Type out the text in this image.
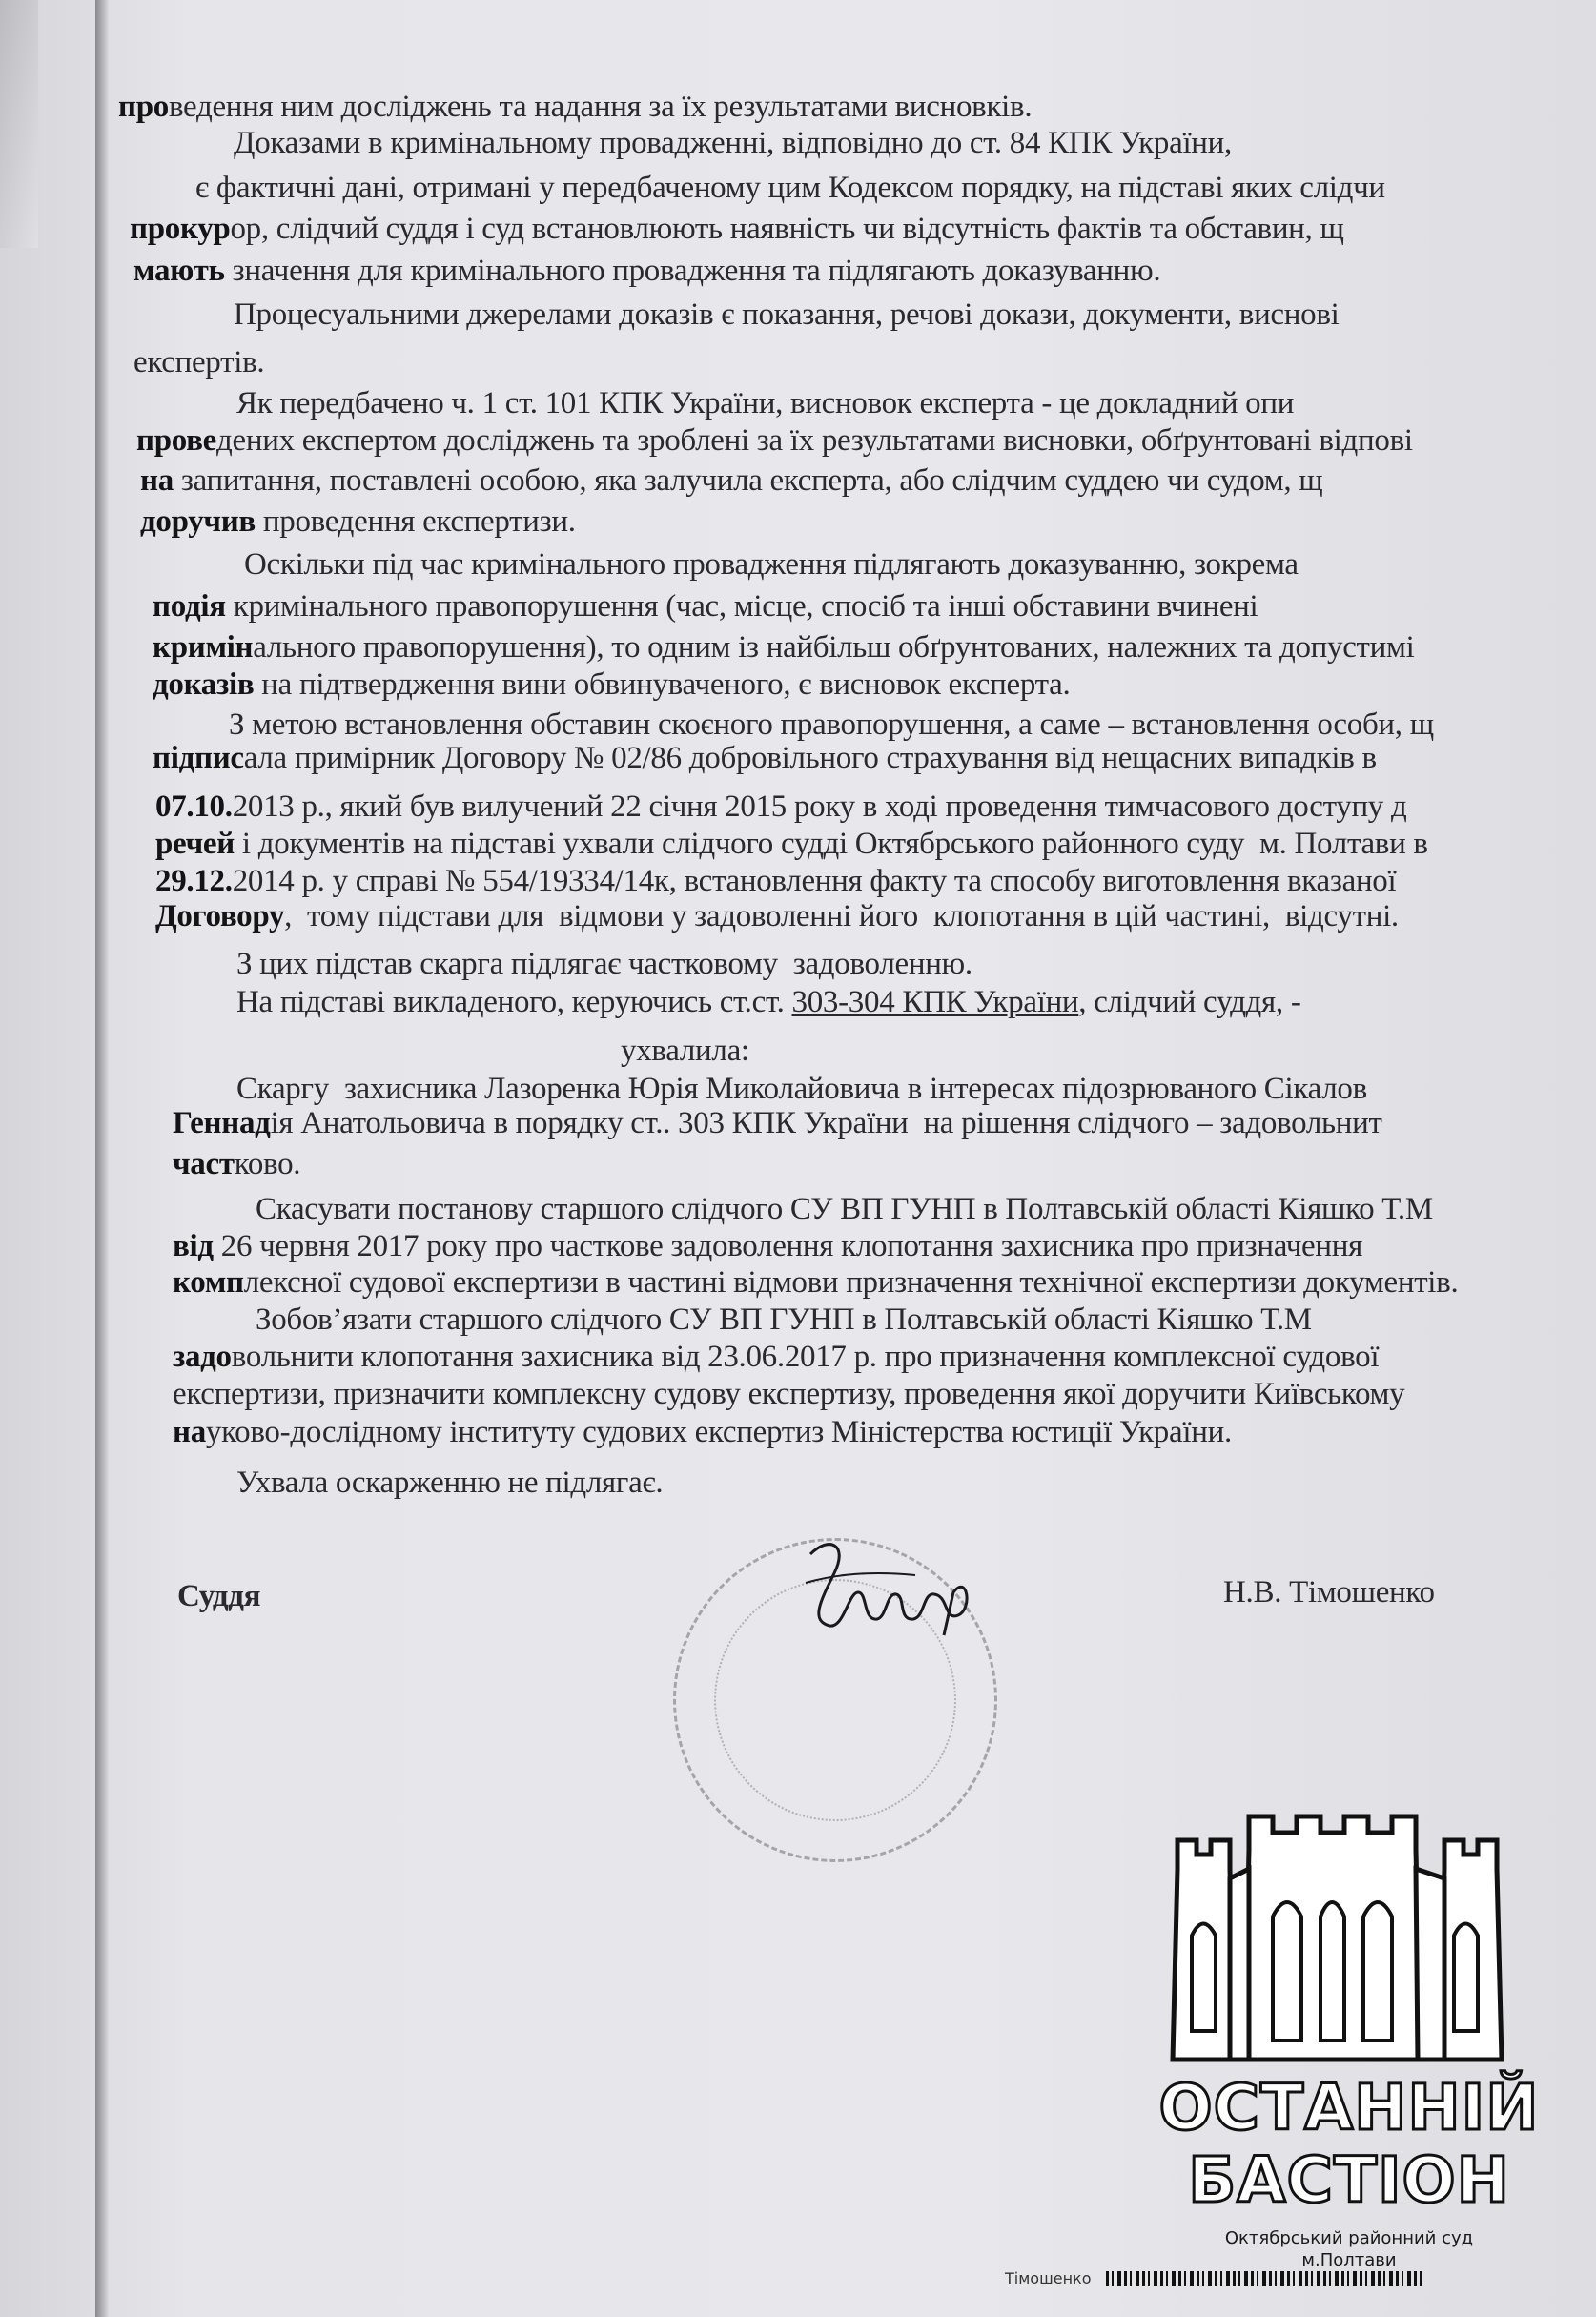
Суддя	Н.В. Тімошенко
проведення ним досліджень та надання за їх результатами висновків.
Доказами в кримінальному провадженні, відповідно до ст. 84 КПК України,
є фактичні дані, отримані у передбаченому цим Кодексом порядку, на підставі яких слідчи
прокурор, слідчий суддя і суд встановлюють наявність чи відсутність фактів та обставин, щ
мають значення для кримінального провадження та підлягають доказуванню.
Процесуальними джерелами доказів є показання, речові докази, документи, виснові
експертів.
Як передбачено ч. 1 ст. 101 КПК України, висновок експерта - це докладний опи
проведених експертом досліджень та зроблені за їх результатами висновки, обґрунтовані відпові
на запитання, поставлені особою, яка залучила експерта, або слідчим суддею чи судом, щ
доручив проведення експертизи.
Оскільки під час кримінального провадження підлягають доказуванню, зокрема
подія кримінального правопорушення (час, місце, спосіб та інші обставини вчинені
кримінального правопорушення), то одним із найбільш обґрунтованих, належних та допустимі
доказів на підтвердження вини обвинуваченого, є висновок експерта.
З метою встановлення обставин скоєного правопорушення, а саме – встановлення особи, щ
підписала примірник Договору № 02/86 добровільного страхування від нещасних випадків в
07.10.2013 р., який був вилучений 22 січня 2015 року в ході проведення тимчасового доступу д
речей і документів на підставі ухвали слідчого судді Октябрського районного суду  м. Полтави в
29.12.2014 р. у справі № 554/19334/14к, встановлення факту та способу виготовлення вказаної
Договору,  тому підстави для  відмови у задоволенні його  клопотання в цій частині,  відсутні.
З цих підстав скарга підлягає частковому  задоволенню.
На підставі викладеного, керуючись ст.ст. 303-304 КПК України, слідчий суддя, -
ухвалила:
Скаргу  захисника Лазоренка Юрія Миколайовича в інтересах підозрюваного Сікалов
Геннадія Анатольовича в порядку ст.. 303 КПК України  на рішення слідчого – задовольнит
частково.
Скасувати постанову старшого слідчого СУ ВП ГУНП в Полтавській області Кіяшко Т.М
від 26 червня 2017 року про часткове задоволення клопотання захисника про призначення
комплексної судової експертизи в частині відмови призначення технічної експертизи документів.
Зобов’язати старшого слідчого СУ ВП ГУНП в Полтавській області Кіяшко Т.М
задовольнити клопотання захисника від 23.06.2017 р. про призначення комплексної судової
експертизи, призначити комплексну судову експертизу, проведення якої доручити Київському
науково-дослідному інституту судових експертиз Міністерства юстиції України.
Ухвала оскарженню не підлягає.
ОСТАННІЙ
БАСТІОН
Октябрський районний суд
м.Полтави
Тімошенко
